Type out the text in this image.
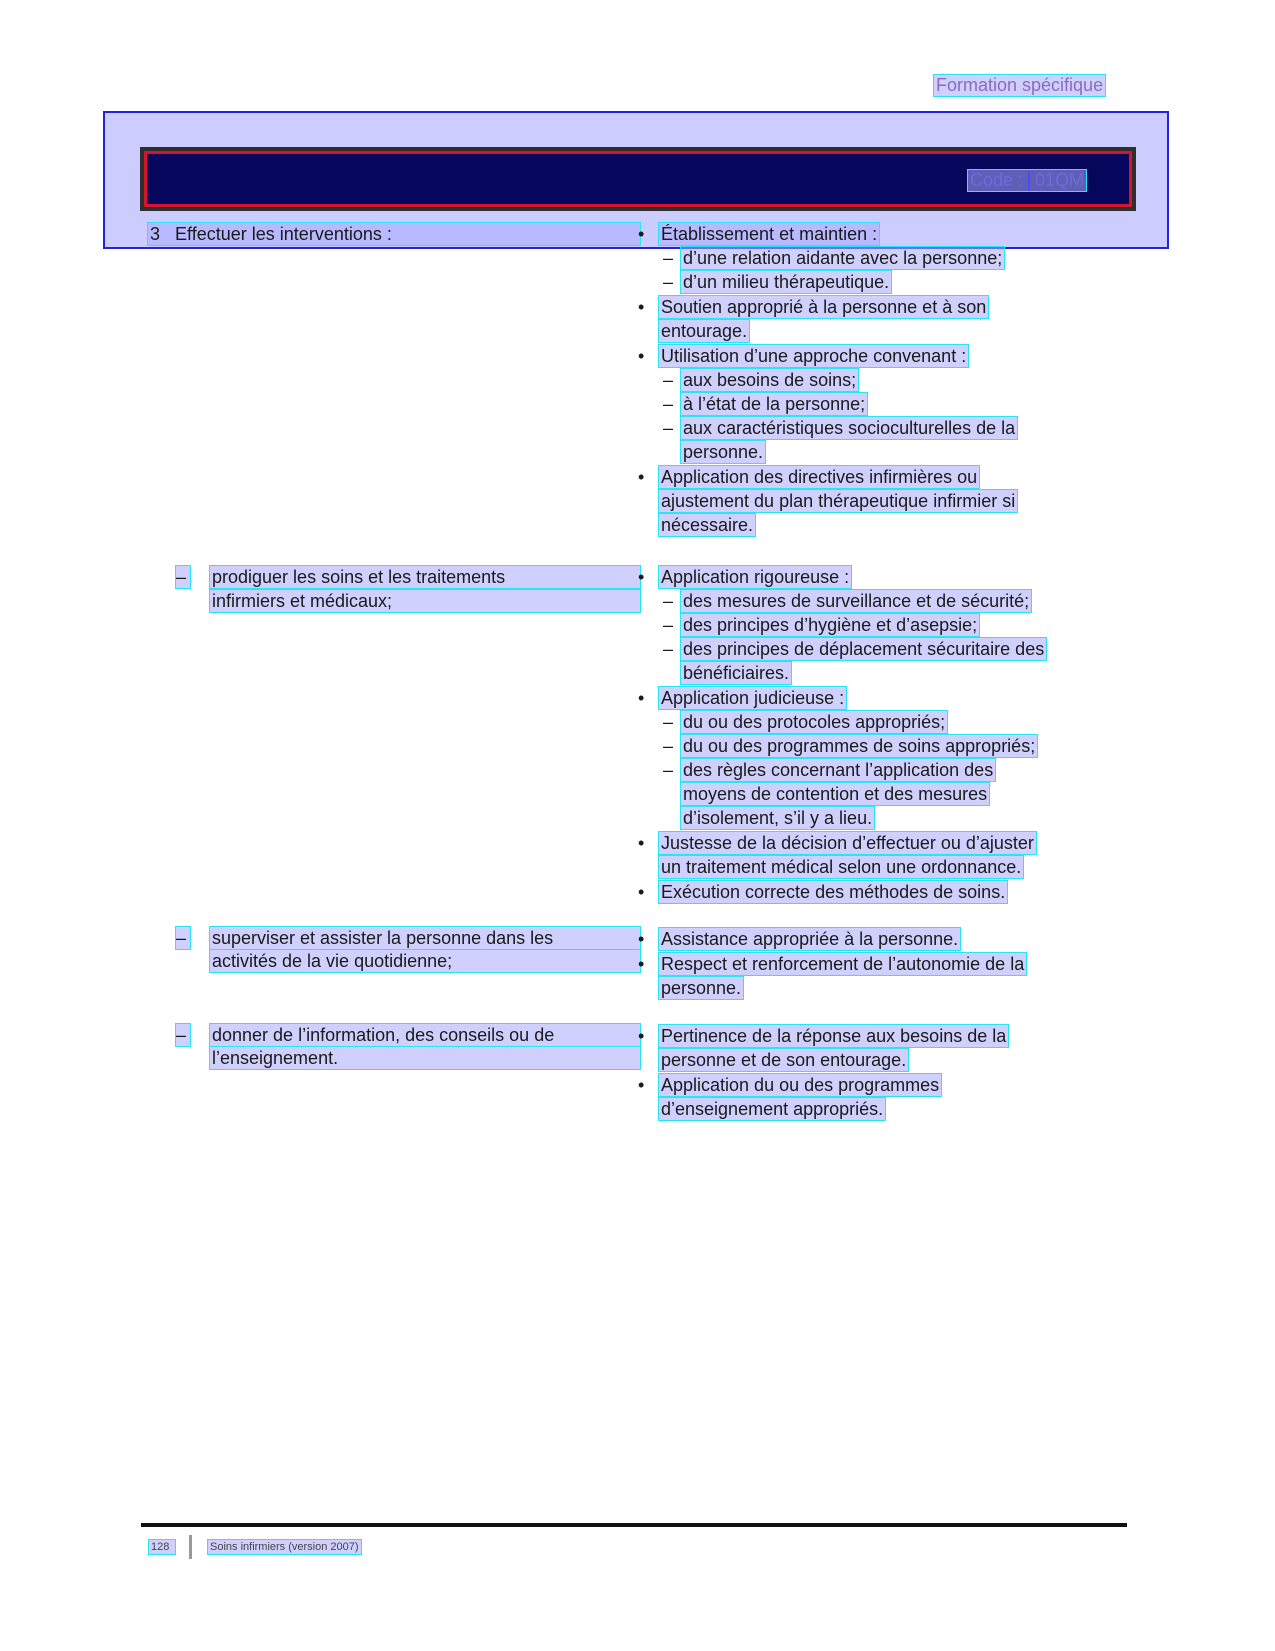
Formation spécifique
Code : 01QM
3 Effectuer les interventions :
– prodiguer les soins et les traitements
infirmiers et médicaux;
– superviser et assister la personne dans les
activités de la vie quotidienne;
– donner de l’information, des conseils ou de
l’enseignement.
• Établissement et maintien :
– d’une relation aidante avec la personne;
– d’un milieu thérapeutique.
• Soutien approprié à la personne et à son
entourage.
• Utilisation d’une approche convenant :
– aux besoins de soins;
– à l’état de la personne;
– aux caractéristiques socioculturelles de la
personne.
• Application des directives infirmières ou
ajustement du plan thérapeutique infirmier si
nécessaire.
• Application rigoureuse :
– des mesures de surveillance et de sécurité;
– des principes d’hygiène et d’asepsie;
– des principes de déplacement sécuritaire des
bénéficiaires.
• Application judicieuse :
– du ou des protocoles appropriés;
– du ou des programmes de soins appropriés;
– des règles concernant l’application des
moyens de contention et des mesures
d’isolement, s’il y a lieu.
• Justesse de la décision d’effectuer ou d’ajuster
un traitement médical selon une ordonnance.
• Exécution correcte des méthodes de soins.
• Assistance appropriée à la personne.
• Respect et renforcement de l’autonomie de la
personne.
• Pertinence de la réponse aux besoins de la
personne et de son entourage.
• Application du ou des programmes
d’enseignement appropriés.
128	Soins infirmiers (version 2007)
